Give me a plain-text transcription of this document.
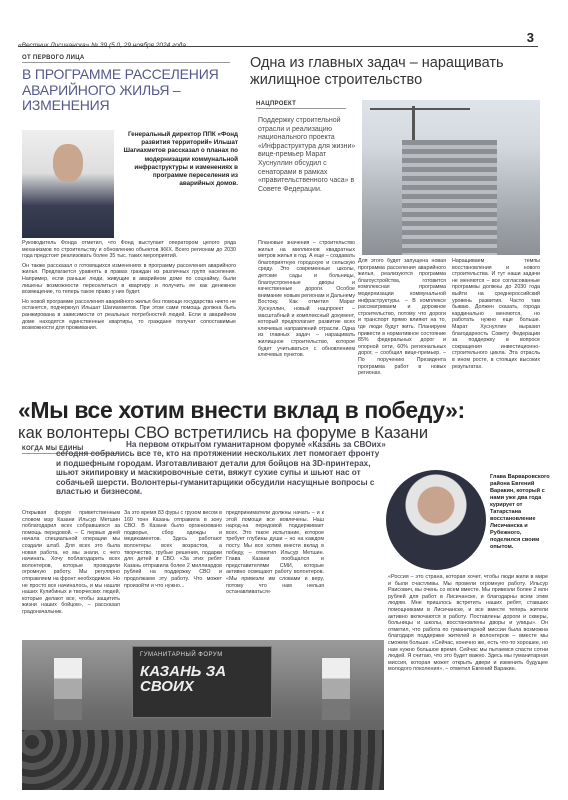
«Вестник Лисичанска» № 39 (5 0, 29 ноября 2024 года
3
ОТ ПЕРВОГО ЛИЦА
В ПРОГРАММЕ РАССЕЛЕНИЯ АВАРИЙНОГО ЖИЛЬЯ – ИЗМЕНЕНИЯ
Генеральный директор ППК «Фонд развития территорий» Ильшат Шагиахметов рассказал о планах по модернизации коммунальной инфраструктуры и изменениях в программе переселения из аварийных домов.

Руководитель Фонда отметил, что Фонд выступает оператором целого ряда механизмов по строительству и обновлению объектов ЖКХ. Всего регионам до 2030 года предстоит реализовать более 35 тыс. таких мероприятий.

Он также рассказал о готовящихся изменениях в программу расселения аварийного жилья. Предлагается уравнять в правах граждан из различных групп населения. Например, если раньше люди, живущие в аварийном доме по соцнайму, были лишены возможности переселиться в квартиру и получить ее как денежное возмещение, то теперь такое право у них будет.

Но новой программе расселения аварийного жилья без помощи государства никто не останется, подчеркнул Ильшат Шагиахметов. При этом сами помощь должна быть ранжирована в зависимости от реальных потребностей людей. Если в аварийном доме находятся единственные квартиры, то граждане получат сопоставимые возможности для проживания.

Одна из главных задач – наращивать жилищное строительство
НАЦПРОЕКТ
Поддержку строительной отрасли и реализацию национального проекта «Инфраструктура для жизни» вице-премьер Марат Хуснуллин обсудил с сенаторами в рамках «правительственного часа» в Совете Федерации.
Плановые значения – строительство жилья на миллионов квадратных метров жилья в год. А еще – создавать благоприятную городскую и сельскую среду. Это современные школы, детские сады и больницы, благоустроенные дворы и качественные дороги. Особое внимание новым регионам и Дальнему Востоку. Как отметил Марат Хуснуллин, новый нацпроект – масштабный и комплексный документ, который предполагает развитие всех ключевых направлений отрасли. Одна из главных задач – наращивать жилищное строительство, которое будет учитываться с обновлением ключевых пунктов.
Для этого будет запущена новая программа расселения аварийного жилья, реализуются программа благоустройства, готовится комплексная программа модернизации коммунальной инфраструктуры. – В комплексе рассматриваем и дорожное строительство, потому что дороги и транспорт прямо влияют на то, где люди будут жить. Планируем привести в нормативное состояние 85% федеральных дорог и опорной сети, 60% региональных дорог, – сообщил вице-премьер. – По поручению Президента программа работ в новых регионах.
Наращиваем темпы восстановления и нового строительства. И тут наши задачи не меняются – все согласованные программы должны до 2030 года выйти на среднероссийский уровень развития. Часто там бываю. Должен сказать, города кардинально меняются, но работать нужно еще больше. Марат Хуснуллин выразил благодарность Совету Федерации за поддержку в вопросе сокращения инвестиционно-строительного цикла. Эта отрасль в ином росте, в стоящих высоких результатах.
«Мы все хотим внести вклад в победу»:
как волонтеры СВО встретились на форуме в Казани
КОГДА МЫ ЕДИНЫ	На первом открытом гуманитарном форуме «Казань за СВОих» сегодня собрались все те, кто на протяжении нескольких лет помогает фронту и подшефным городам. Изготавливают детали для бойцов на 3D-принтерах, шьют экипировку и маскировочные сети, вяжут сухие супы и шьют нас от собачьей шерсти. Волонтеры-гуманитарщики обсудили насущные вопросы с властью и бизнесом.
Открывая форум приветственным словом мэр Казани Ильсур Метшин поблагодарил всех собравшихся за помощь передовой. – С первых дней начала специальной операции мы создали штаб. Для всех это была новая работа, но мы знали, с чего начинать. Хочу поблагодарить всех волонтеров, которые проводили огромную работу. Мы регулярно отправляем на фронт необходимое. Но не просто все начиналось, и мы нашли наших Кулибиных и творческих людей, которые делают все, чтобы защитить жизни наших бойцов», – рассказал градоначальник.
За это время 83 фуры с грузом весом в 160 тонн Казань отправила в зону СВО. В Казани было организовано подворье, сбор одежды и медикаментов. Здесь работают волонтеры всех возрастов, а творчество, грубые решения, подарки для детей в СВО. «За этих ребят Казань отправила более 2 миллиардов рублей на поддержку СВО и продолжаем эту работу. Что может произойти и что нужно...
предприниматели должны начать – и к этой помощи все вовлечены. Наш народ-на передовой поддерживает всех. Это такое испытание, которое требует глубины души – но на каждом посту. Мы все хотим внести вклад в победу, – отметил Ильсур Метшин. Глава Казани пообщался и представителями СМИ, которые активно освещают работу волонтеров. «Мы привезли им словами и веру, потому что нам нельзя останавливаться»
ГУМАНИТАРНЫЙ ФОРУМ
КАЗАНЬ ЗА СВОИХ
Глава Варваровского района Евгений Варакин, который с нами уже два года курирует от Татарстана восстановление Лисичанска и Рубежного, поделился своим опытом.
«Россия – это страна, которая хочет, чтобы люди жили в мире и были счастливы. Мы провели огромную работу. Ильсур Раисович, вы очень со всем вместе. Мы привезли более 2 млн рублей для работ в Лисичанске, и благодарны всем этим людям. Мне пришлось встретить наших ребят, ставших помощниками в Лисичанске, и все вместе теперь жители активно включаются в работу. Поставлены дороги и скверы, больницы и школы, восстановлены дворы и улицы». Он отметил, что работа по гуманитарной миссии была возможна благодаря поддержке жителей и волонтеров – вместе мы сможем больше. «Сейчас, конечно же, есть что-то хорошее, но нам нужно большое время. Сейчас мы пытаемся спасти сотни людей. Я считаю, что это будет важно. Здесь мы гуманитарная миссия, которая может открыть двери и изменить будущее молодого поколения», – отметил Евгений Варакин.
